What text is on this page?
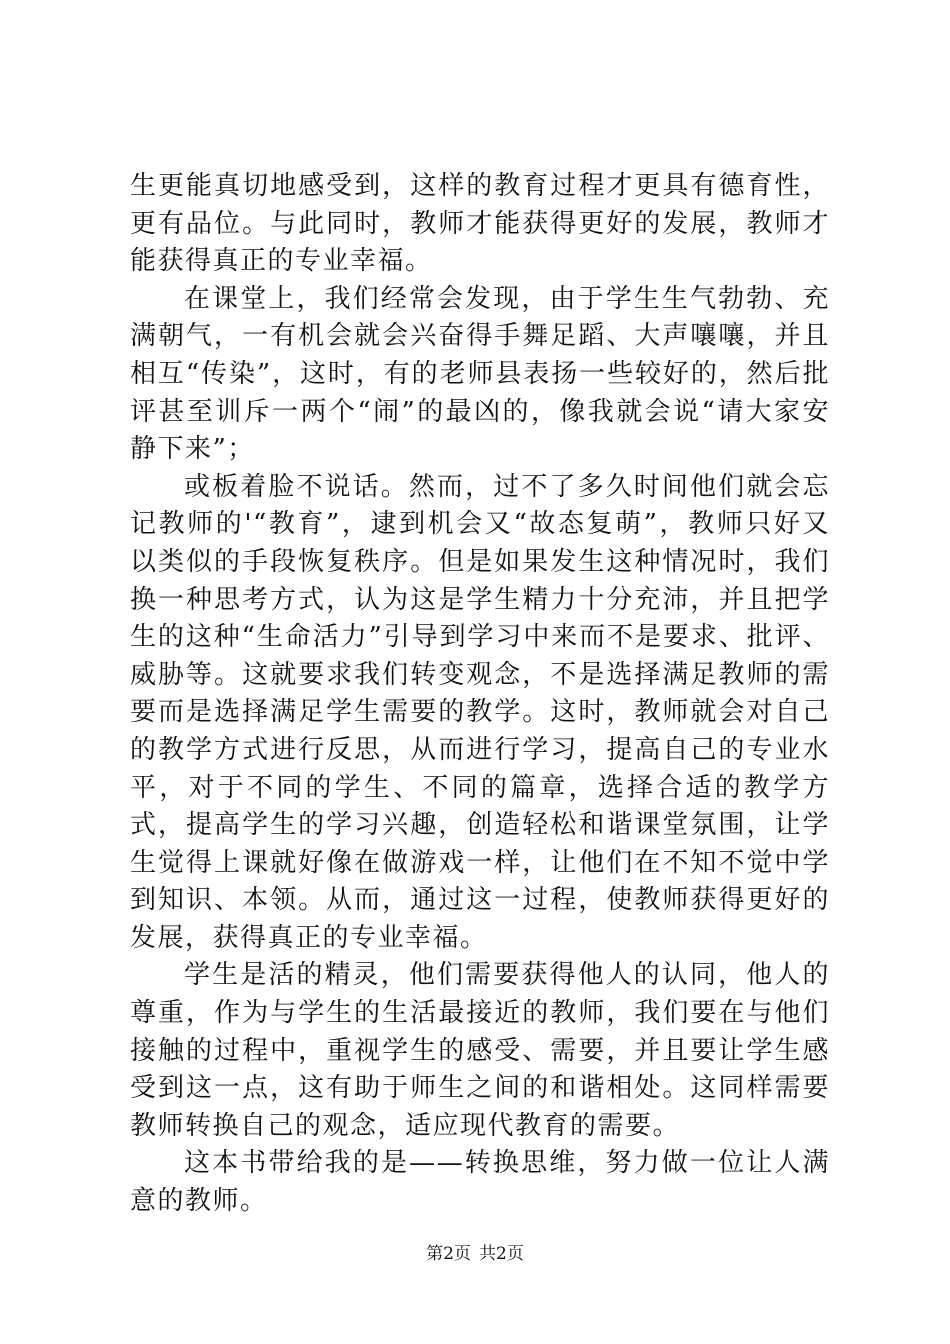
生更能真切地感受到，这样的教育过程才更具有德育性，更有品位。与此同时，教师才能获得更好的发展，教师才能获得真正的专业幸福。

在课堂上，我们经常会发现，由于学生生气勃勃、充满朝气，一有机会就会兴奋得手舞足蹈、大声嚷嚷，并且相互“传染”，这时，有的老师县表扬一些较好的，然后批评甚至训斥一两个“闹”的最凶的，像我就会说“请大家安静下来”；

或板着脸不说话。然而，过不了多久时间他们就会忘记教师的'“教育”，逮到机会又“故态复萌”，教师只好又以类似的手段恢复秩序。但是如果发生这种情况时，我们换一种思考方式，认为这是学生精力十分充沛，并且把学生的这种“生命活力”引导到学习中来而不是要求、批评、威胁等。这就要求我们转变观念，不是选择满足教师的需要而是选择满足学生需要的教学。这时，教师就会对自己的教学方式进行反思，从而进行学习，提高自己的专业水平，对于不同的学生、不同的篇章，选择合适的教学方式，提高学生的学习兴趣，创造轻松和谐课堂氛围，让学生觉得上课就好像在做游戏一样，让他们在不知不觉中学到知识、本领。从而，通过这一过程，使教师获得更好的发展，获得真正的专业幸福。

学生是活的精灵，他们需要获得他人的认同，他人的尊重，作为与学生的生活最接近的教师，我们要在与他们接触的过程中，重视学生的感受、需要，并且要让学生感受到这一点，这有助于师生之间的和谐相处。这同样需要教师转换自己的观念，适应现代教育的需要。

这本书带给我的是——转换思维，努力做一位让人满意的教师。

第2页 共2页
